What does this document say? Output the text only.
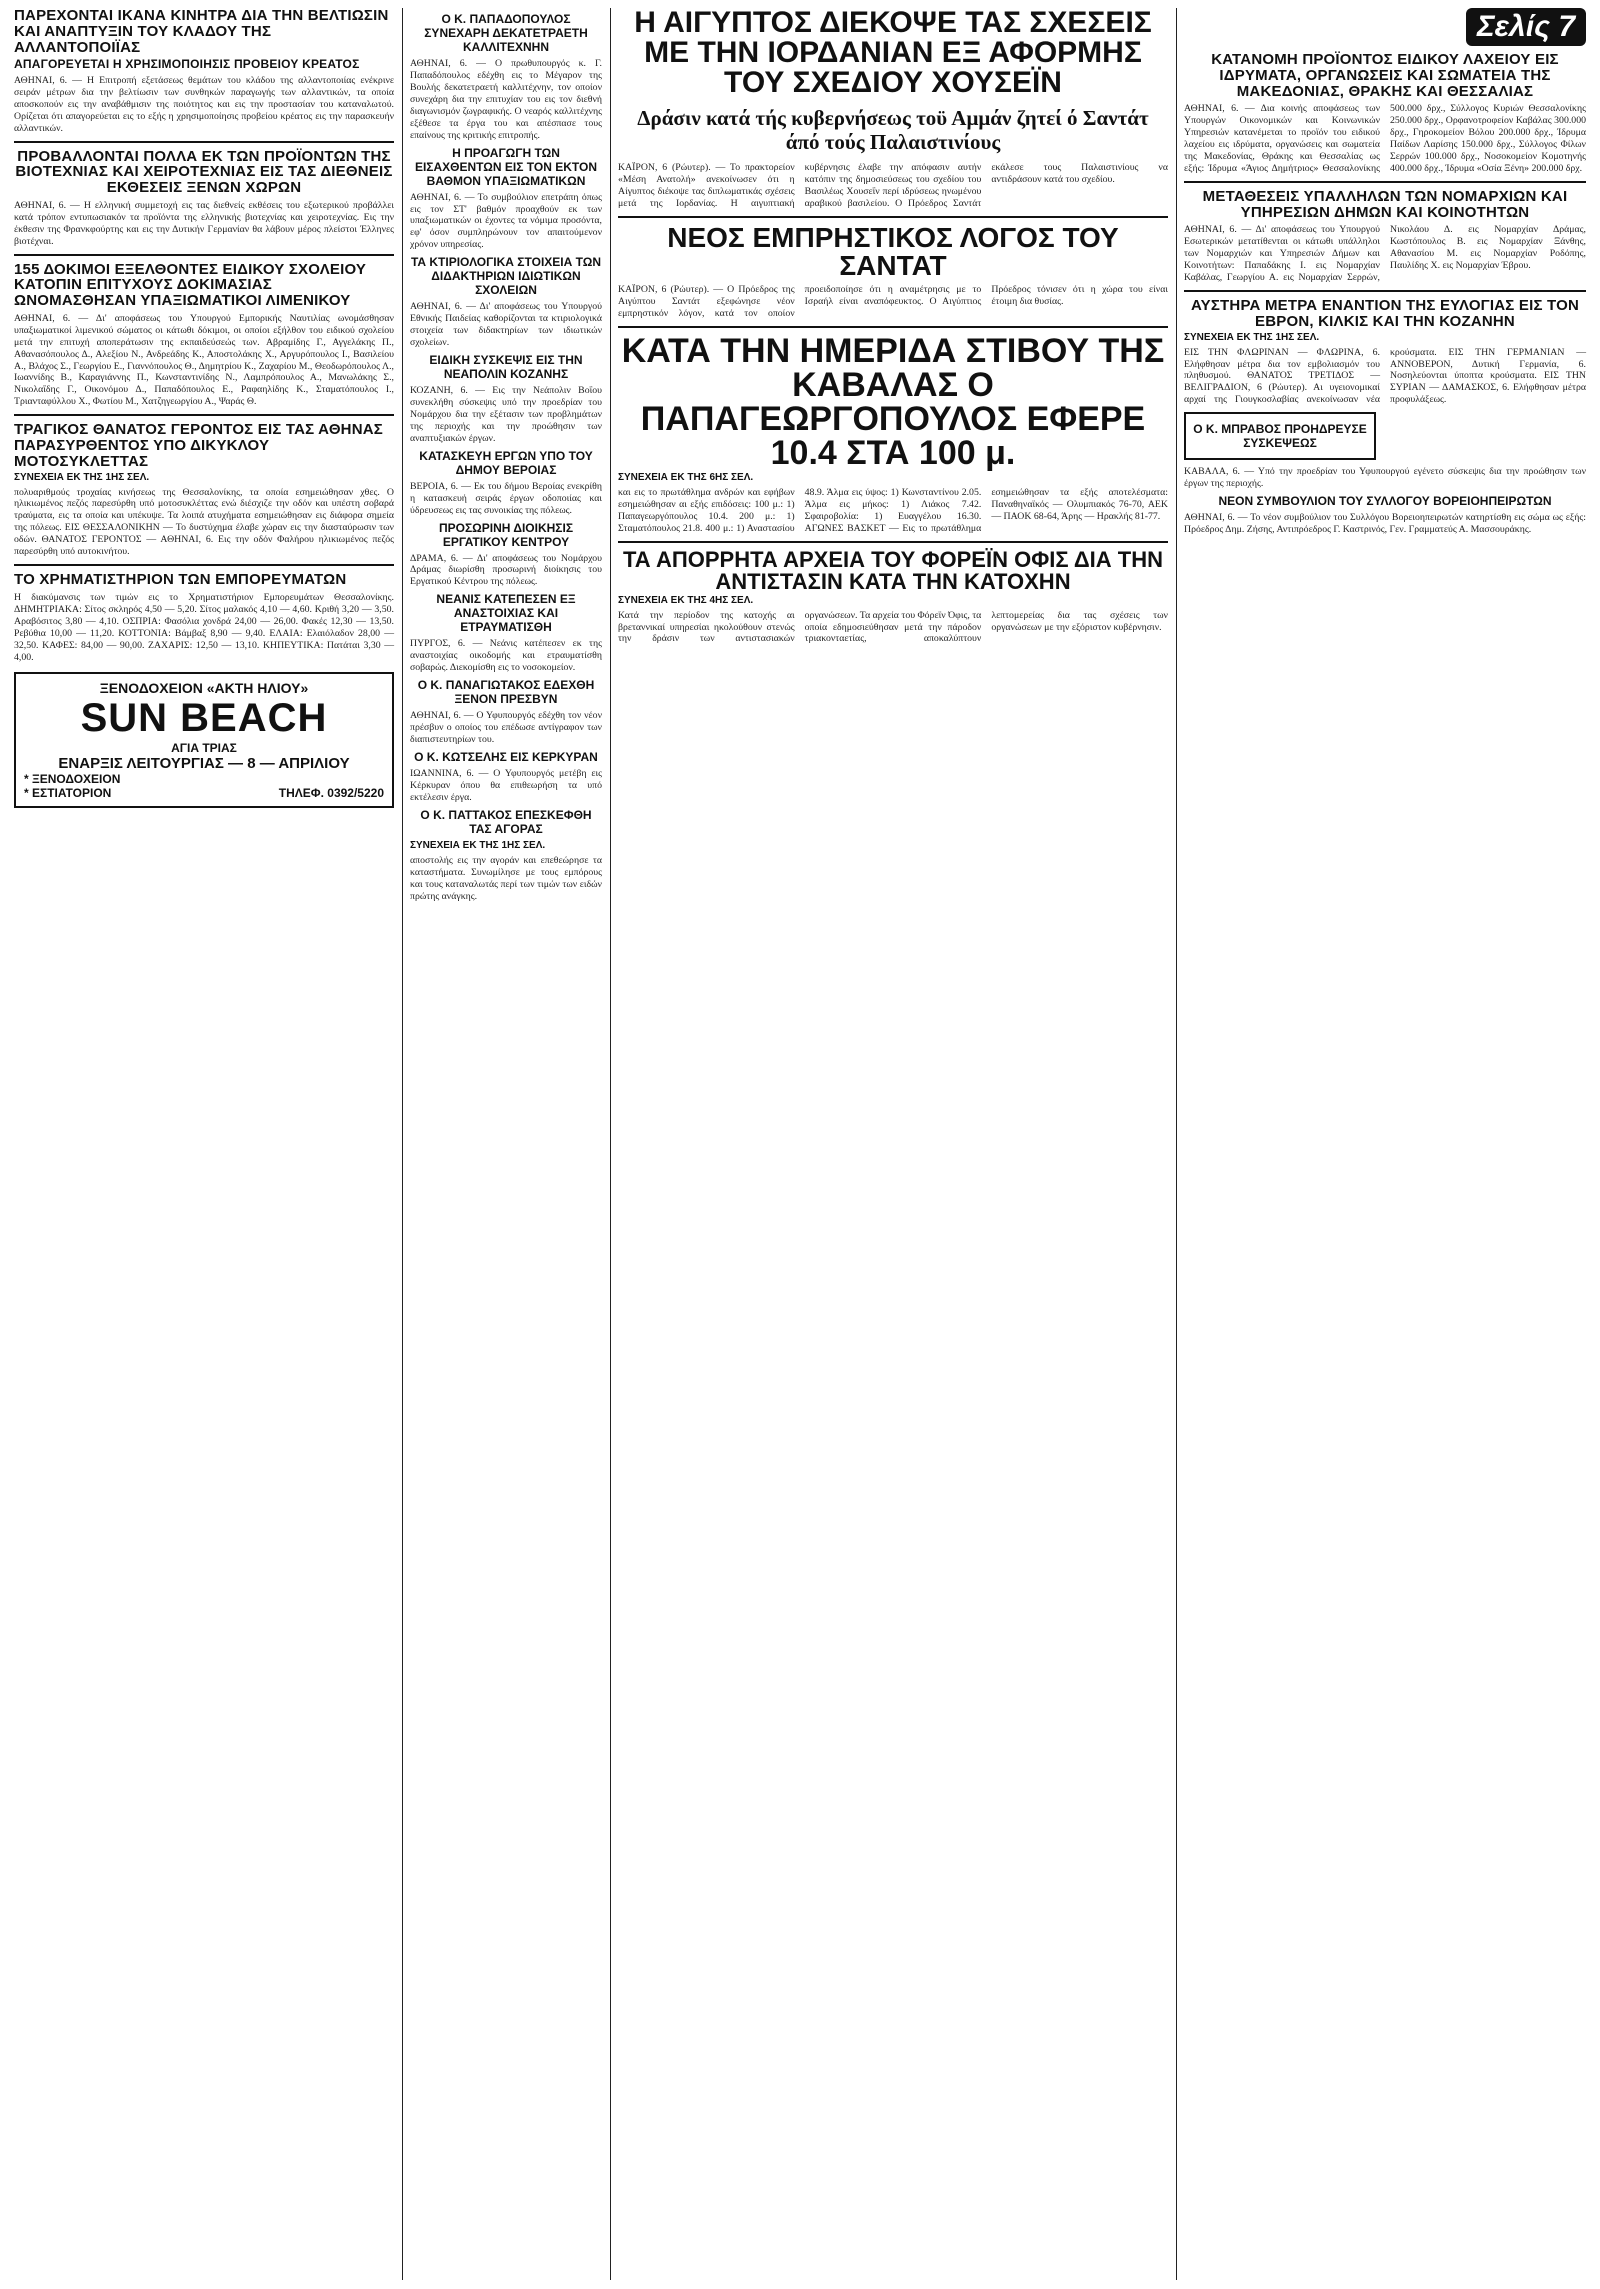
ΠΑΡΕΧΟΝΤΑΙ ΙΚΑΝΑ ΚΙΝΗΤΡΑ ΔΙΑ ΤΗΝ ΒΕΛΤΙΩΣΙΝ ΚΑΙ ΑΝΑΠΤΥΞΙΝ ΤΟΥ ΚΛΑΔΟΥ ΤΗΣ ΑΛΛΑΝΤΟΠΟΙΪΑΣ
ΑΠΑΓΟΡΕΥΕΤΑΙ Η ΧΡΗΣΙΜΟΠΟΙΗΣΙΣ ΠΡΟΒΕΙΟΥ ΚΡΕΑΤΟΣ
ΑΘΗΝΑΙ, 6. — Η Επιτροπή εξετάσεως θεμάτων του κλάδου της αλλαντοποιίας ενέκρινε σειράν μέτρων δια την βελτίωσιν των συνθηκών παραγωγής των αλλαντικών, τα οποία αποσκοπούν εις την αναβάθμισιν της ποιότητος και εις την προστασίαν του καταναλωτού. Ορίζεται ότι απαγορεύεται εις το εξής η χρησιμοποίησις προβείου κρέατος εις την παρασκευήν αλλαντικών.
ΠΡΟΒΑΛΛΟΝΤΑΙ ΠΟΛΛΑ ΕΚ ΤΩΝ ΠΡΟΪΟΝΤΩΝ ΤΗΣ ΒΙΟΤΕΧΝΙΑΣ ΚΑΙ ΧΕΙΡΟΤΕΧΝΙΑΣ ΕΙΣ ΤΑΣ ΔΙΕΘΝΕΙΣ ΕΚΘΕΣΕΙΣ ΞΕΝΩΝ ΧΩΡΩΝ
ΑΘΗΝΑΙ, 6. — Η ελληνική συμμετοχή εις τας διεθνείς εκθέσεις του εξωτερικού προβάλλει κατά τρόπον εντυπωσιακόν τα προϊόντα της ελληνικής βιοτεχνίας και χειροτεχνίας. Εις την έκθεσιν της Φρανκφούρτης και εις την Δυτικήν Γερμανίαν θα λάβουν μέρος πλείστοι Έλληνες βιοτέχναι.
155 ΔΟΚΙΜΟΙ ΕΞΕΛΘΟΝΤΕΣ ΕΙΔΙΚΟΥ ΣΧΟΛΕΙΟΥ ΚΑΤΟΠΙΝ ΕΠΙΤΥΧΟΥΣ ΔΟΚΙΜΑΣΙΑΣ ΩΝΟΜΑΣΘΗΣΑΝ ΥΠΑΞΙΩΜΑΤΙΚΟΙ ΛΙΜΕΝΙΚΟΥ
ΑΘΗΝΑΙ, 6. — Δι' αποφάσεως του Υπουργού Εμπορικής Ναυτιλίας ωνομάσθησαν υπαξιωματικοί λιμενικού σώματος οι κάτωθι δόκιμοι, οι οποίοι εξήλθον του ειδικού σχολείου μετά την επιτυχή αποπεράτωσιν της εκπαιδεύσεώς των. Αβραμίδης Γ., Αγγελάκης Π., Αθανασόπουλος Δ., Αλεξίου Ν., Ανδρεάδης Κ., Αποστολάκης Χ., Αργυρόπουλος Ι., Βασιλείου Α., Βλάχος Σ., Γεωργίου Ε., Γιαννόπουλος Θ., Δημητρίου Κ., Ζαχαρίου Μ., Θεοδωρόπουλος Λ., Ιωαννίδης Β., Καραγιάννης Π., Κωνσταντινίδης Ν., Λαμπρόπουλος Α., Μανωλάκης Σ., Νικολαΐδης Γ., Οικονόμου Δ., Παπαδόπουλος Ε., Ραφαηλίδης Κ., Σταματόπουλος Ι., Τριανταφύλλου Χ., Φωτίου Μ., Χατζηγεωργίου Α., Ψαράς Θ.
ΤΡΑΓΙΚΟΣ ΘΑΝΑΤΟΣ ΓΕΡΟΝΤΟΣ ΕΙΣ ΤΑΣ ΑΘΗΝΑΣ ΠΑΡΑΣΥΡΘΕΝΤΟΣ ΥΠΟ ΔΙΚΥΚΛΟΥ ΜΟΤΟΣΥΚΛΕΤΤΑΣ
ΣΥΝΕΧΕΙΑ ΕΚ ΤΗΣ 1ΗΣ ΣΕΛ.
πολυαριθμούς τροχαίας κινήσεως της Θεσσαλονίκης, τα οποία εσημειώθησαν χθες. Ο ηλικιωμένος πεζός παρεσύρθη υπό μοτοσυκλέττας ενώ διέσχιζε την οδόν και υπέστη σοβαρά τραύματα, εις τα οποία και υπέκυψε. Τα λοιπά ατυχήματα εσημειώθησαν εις διάφορα σημεία της πόλεως. ΕΙΣ ΘΕΣΣΑΛΟΝΙΚΗΝ — Το δυστύχημα έλαβε χώραν εις την διασταύρωσιν των οδών. ΘΑΝΑΤΟΣ ΓΕΡΟΝΤΟΣ — ΑΘΗΝΑΙ, 6. Εις την οδόν Φαλήρου ηλικιωμένος πεζός παρεσύρθη υπό αυτοκινήτου.
ΤΟ ΧΡΗΜΑΤΙΣΤΗΡΙΟΝ ΤΩΝ ΕΜΠΟΡΕΥΜΑΤΩΝ
Η διακύμανσις των τιμών εις το Χρηματιστήριον Εμπορευμάτων Θεσσαλονίκης. ΔΗΜΗΤΡΙΑΚΑ: Σίτος σκληρός 4,50 — 5,20. Σίτος μαλακός 4,10 — 4,60. Κριθή 3,20 — 3,50. Αραβόσιτος 3,80 — 4,10. ΟΣΠΡΙΑ: Φασόλια χονδρά 24,00 — 26,00. Φακές 12,30 — 13,50. Ρεβύθια 10,00 — 11,20. ΚΟΤΤΟΝΙΑ: Βάμβαξ 8,90 — 9,40. ΕΛΑΙΑ: Ελαιόλαδον 28,00 — 32,50. ΚΑΦΕΣ: 84,00 — 90,00. ΖΑΧΑΡΙΣ: 12,50 — 13,10. ΚΗΠΕΥΤΙΚΑ: Πατάται 3,30 — 4,00.
ΞΕΝΟΔΟΧΕΙΟΝ «ΑΚΤΗ ΗΛΙΟΥ»
SUN BEACH
ΑΓΙΑ ΤΡΙΑΣ
ΕΝΑΡΞΙΣ ΛΕΙΤΟΥΡΓΙΑΣ — 8 — ΑΠΡΙΛΙΟΥ
* ΞΕΝΟΔΟΧΕΙΟΝ
* ΕΣΤΙΑΤΟΡΙΟΝ	ΤΗΛΕΦ. 0392/5220
Ο Κ. ΠΑΠΑΔΟΠΟΥΛΟΣ ΣΥΝΕΧΑΡΗ ΔΕΚΑΤΕΤΡΑΕΤΗ ΚΑΛΛΙΤΕΧΝΗΝ
ΑΘΗΝΑΙ, 6. — Ο πρωθυπουργός κ. Γ. Παπαδόπουλος εδέχθη εις το Μέγαρον της Βουλής δεκατετραετή καλλιτέχνην, τον οποίον συνεχάρη δια την επιτυχίαν του εις τον διεθνή διαγωνισμόν ζωγραφικής. Ο νεαρός καλλιτέχνης εξέθεσε τα έργα του και απέσπασε τους επαίνους της κριτικής επιτροπής.
Η ΠΡΟΑΓΩΓΗ ΤΩΝ ΕΙΣΑΧΘΕΝΤΩΝ ΕΙΣ ΤΟΝ ΕΚΤΟΝ ΒΑΘΜΟΝ ΥΠΑΞΙΩΜΑΤΙΚΩΝ
ΑΘΗΝΑΙ, 6. — Το συμβούλιον επετράπη όπως εις τον ΣΤ' βαθμόν προαχθούν εκ των υπαξιωματικών οι έχοντες τα νόμιμα προσόντα, εφ' όσον συμπληρώνουν τον απαιτούμενον χρόνον υπηρεσίας.
ΤΑ ΚΤΙΡΙΟΛΟΓΙΚΑ ΣΤΟΙΧΕΙΑ ΤΩΝ ΔΙΔΑΚΤΗΡΙΩΝ ΙΔΙΩΤΙΚΩΝ ΣΧΟΛΕΙΩΝ
ΑΘΗΝΑΙ, 6. — Δι' αποφάσεως του Υπουργού Εθνικής Παιδείας καθορίζονται τα κτιριολογικά στοιχεία των διδακτηρίων των ιδιωτικών σχολείων.
ΕΙΔΙΚΗ ΣΥΣΚΕΨΙΣ ΕΙΣ ΤΗΝ ΝΕΑΠΟΛΙΝ ΚΟΖΑΝΗΣ
ΚΟΖΑΝΗ, 6. — Εις την Νεάπολιν Βοΐου συνεκλήθη σύσκεψις υπό την προεδρίαν του Νομάρχου δια την εξέτασιν των προβλημάτων της περιοχής και την προώθησιν των αναπτυξιακών έργων.
ΚΑΤΑΣΚΕΥΗ ΕΡΓΩΝ ΥΠΟ ΤΟΥ ΔΗΜΟΥ ΒΕΡΟΙΑΣ
ΒΕΡΟΙΑ, 6. — Εκ του δήμου Βεροίας ενεκρίθη η κατασκευή σειράς έργων οδοποιίας και ύδρευσεως εις τας συνοικίας της πόλεως.
ΠΡΟΣΩΡΙΝΗ ΔΙΟΙΚΗΣΙΣ ΕΡΓΑΤΙΚΟΥ ΚΕΝΤΡΟΥ
ΔΡΑΜΑ, 6. — Δι' αποφάσεως του Νομάρχου Δράμας διωρίσθη προσωρινή διοίκησις του Εργατικού Κέντρου της πόλεως.
ΝΕΑΝΙΣ ΚΑΤΕΠΕΣΕΝ ΕΞ ΑΝΑΣΤΟΙΧΙΑΣ ΚΑΙ ΕΤΡΑΥΜΑΤΙΣΘΗ
ΠΥΡΓΟΣ, 6. — Νεάνις κατέπεσεν εκ της αναστοιχίας οικοδομής και ετραυματίσθη σοβαρώς. Διεκομίσθη εις το νοσοκομείον.
Ο Κ. ΠΑΝΑΓΙΩΤΑΚΟΣ ΕΔΕΧΘΗ ΞΕΝΟΝ ΠΡΕΣΒΥΝ
ΑΘΗΝΑΙ, 6. — Ο Υφυπουργός εδέχθη τον νέον πρέσβυν ο οποίος του επέδωσε αντίγραφον των διαπιστευτηρίων του.
Ο Κ. ΚΩΤΣΕΛΗΣ ΕΙΣ ΚΕΡΚΥΡΑΝ
ΙΩΑΝΝΙΝΑ, 6. — Ο Υφυπουργός μετέβη εις Κέρκυραν όπου θα επιθεωρήση τα υπό εκτέλεσιν έργα.
Ο Κ. ΠΑΤΤΑΚΟΣ ΕΠΕΣΚΕΦΘΗ ΤΑΣ ΑΓΟΡΑΣ
ΣΥΝΕΧΕΙΑ ΕΚ ΤΗΣ 1ΗΣ ΣΕΛ.
αποστολής εις την αγοράν και επεθεώρησε τα καταστήματα. Συνωμίλησε με τους εμπόρους και τους καταναλωτάς περί των τιμών των ειδών πρώτης ανάγκης.
Η ΑΙΓΥΠΤΟΣ ΔΙΕΚΟΨΕ ΤΑΣ ΣΧΕΣΕΙΣ ΜΕ ΤΗΝ ΙΟΡΔΑΝΙΑΝ ΕΞ ΑΦΟΡΜΗΣ ΤΟΥ ΣΧΕΔΙΟΥ ΧΟΥΣΕΪΝ
Δράσιν κατά τής κυβερνήσεως τοϋ Αμμάν ζητεί ό Σαντάτ άπό τούς Παλαιστινίους
ΚΑΪΡΟΝ, 6 (Ρώυτερ). — Το πρακτορείον «Μέση Ανατολή» ανεκοίνωσεν ότι η Αίγυπτος διέκοψε τας διπλωματικάς σχέσεις μετά της Ιορδανίας. Η αιγυπτιακή κυβέρνησις έλαβε την απόφασιν αυτήν κατόπιν της δημοσιεύσεως του σχεδίου του Βασιλέως Χουσεΐν περί ιδρύσεως ηνωμένου αραβικού βασιλείου. Ο Πρόεδρος Σαντάτ εκάλεσε τους Παλαιστινίους να αντιδράσουν κατά του σχεδίου.
ΝΕΟΣ ΕΜΠΡΗΣΤΙΚΟΣ ΛΟΓΟΣ ΤΟΥ ΣΑΝΤΑΤ
ΚΑΪΡΟΝ, 6 (Ρώυτερ). — Ο Πρόεδρος της Αιγύπτου Σαντάτ εξεφώνησε νέον εμπρηστικόν λόγον, κατά τον οποίον προειδοποίησε ότι η αναμέτρησις με το Ισραήλ είναι αναπόφευκτος. Ο Αιγύπτιος Πρόεδρος τόνισεν ότι η χώρα του είναι έτοιμη δια θυσίας.
ΚΑΤΑ ΤΗΝ ΗΜΕΡΙΔΑ ΣΤΙΒΟΥ ΤΗΣ ΚΑΒΑΛΑΣ Ο ΠΑΠΑΓΕΩΡΓΟΠΟΥΛΟΣ ΕΦΕΡΕ 10.4 ΣΤΑ 100 μ.
ΣΥΝΕΧΕΙΑ ΕΚ ΤΗΣ 6ΗΣ ΣΕΛ.
και εις το πρωτάθλημα ανδρών και εφήβων εσημειώθησαν αι εξής επιδόσεις: 100 μ.: 1) Παπαγεωργόπουλος 10.4. 200 μ.: 1) Σταματόπουλος 21.8. 400 μ.: 1) Αναστασίου 48.9. Άλμα εις ύψος: 1) Κωνσταντίνου 2.05. Άλμα εις μήκος: 1) Λιάκος 7.42. Σφαιροβολία: 1) Ευαγγέλου 16.30. ΑΓΩΝΕΣ ΒΑΣΚΕΤ — Εις το πρωτάθλημα εσημειώθησαν τα εξής αποτελέσματα: Παναθηναϊκός — Ολυμπιακός 76-70, ΑΕΚ — ΠΑΟΚ 68-64, Άρης — Ηρακλής 81-77.
ΤΑ ΑΠΟΡΡΗΤΑ ΑΡΧΕΙΑ ΤΟΥ ΦΟΡΕΪΝ ΟΦΙΣ ΔΙΑ ΤΗΝ ΑΝΤΙΣΤΑΣΙΝ ΚΑΤΑ ΤΗΝ ΚΑΤΟΧΗΝ
ΣΥΝΕΧΕΙΑ ΕΚ ΤΗΣ 4ΗΣ ΣΕΛ.
Κατά την περίοδον της κατοχής αι βρεταννικαί υπηρεσίαι ηκολούθουν στενώς την δράσιν των αντιστασιακών οργανώσεων. Τα αρχεία του Φόρεϊν Όφις, τα οποία εδημοσιεύθησαν μετά την πάροδον τριακονταετίας, αποκαλύπτουν λεπτομερείας δια τας σχέσεις των οργανώσεων με την εξόριστον κυβέρνησιν.
Σελίς 7
ΚΑΤΑΝΟΜΗ ΠΡΟΪΟΝΤΟΣ ΕΙΔΙΚΟΥ ΛΑΧΕΙΟΥ ΕΙΣ ΙΔΡΥΜΑΤΑ, ΟΡΓΑΝΩΣΕΙΣ ΚΑΙ ΣΩΜΑΤΕΙΑ ΤΗΣ ΜΑΚΕΔΟΝΙΑΣ, ΘΡΑΚΗΣ ΚΑΙ ΘΕΣΣΑΛΙΑΣ
ΑΘΗΝΑΙ, 6. — Δια κοινής αποφάσεως των Υπουργών Οικονομικών και Κοινωνικών Υπηρεσιών κατανέμεται το προϊόν του ειδικού λαχείου εις ιδρύματα, οργανώσεις και σωματεία της Μακεδονίας, Θράκης και Θεσσαλίας ως εξής: Ίδρυμα «Άγιος Δημήτριος» Θεσσαλονίκης 500.000 δρχ., Σύλλογος Κυριών Θεσσαλονίκης 250.000 δρχ., Ορφανοτροφείον Καβάλας 300.000 δρχ., Γηροκομείον Βόλου 200.000 δρχ., Ίδρυμα Παίδων Λαρίσης 150.000 δρχ., Σύλλογος Φίλων Σερρών 100.000 δρχ., Νοσοκομείον Κομοτηνής 400.000 δρχ., Ίδρυμα «Οσία Ξένη» 200.000 δρχ.
ΜΕΤΑΘΕΣΕΙΣ ΥΠΑΛΛΗΛΩΝ ΤΩΝ ΝΟΜΑΡΧΙΩΝ ΚΑΙ ΥΠΗΡΕΣΙΩΝ ΔΗΜΩΝ ΚΑΙ ΚΟΙΝΟΤΗΤΩΝ
ΑΘΗΝΑΙ, 6. — Δι' αποφάσεως του Υπουργού Εσωτερικών μετατίθενται οι κάτωθι υπάλληλοι των Νομαρχιών και Υπηρεσιών Δήμων και Κοινοτήτων: Παπαδάκης Ι. εις Νομαρχίαν Καβάλας, Γεωργίου Α. εις Νομαρχίαν Σερρών, Νικολάου Δ. εις Νομαρχίαν Δράμας, Κωστόπουλος Β. εις Νομαρχίαν Ξάνθης, Αθανασίου Μ. εις Νομαρχίαν Ροδόπης, Παυλίδης Χ. εις Νομαρχίαν Έβρου.
ΑΥΣΤΗΡΑ ΜΕΤΡΑ ΕΝΑΝΤΙΟΝ ΤΗΣ ΕΥΛΟΓΙΑΣ ΕΙΣ ΤΟΝ ΕΒΡΟΝ, ΚΙΛΚΙΣ ΚΑΙ ΤΗΝ ΚΟΖΑΝΗΝ
ΣΥΝΕΧΕΙΑ ΕΚ ΤΗΣ 1ΗΣ ΣΕΛ.
ΕΙΣ ΤΗΝ ΦΛΩΡΙΝΑΝ — ΦΛΩΡΙΝΑ, 6. Ελήφθησαν μέτρα δια τον εμβολιασμόν του πληθυσμού. ΘΑΝΑΤΟΣ ΤΡΕΤΙΔΟΣ — ΒΕΛΙΓΡΑΔΙΟΝ, 6 (Ρώυτερ). Αι υγειονομικαί αρχαί της Γιουγκοσλαβίας ανεκοίνωσαν νέα κρούσματα. ΕΙΣ ΤΗΝ ΓΕΡΜΑΝΙΑΝ — ΑΝΝΟΒΕΡΟΝ, Δυτική Γερμανία, 6. Νοσηλεύονται ύποπτα κρούσματα. ΕΙΣ ΤΗΝ ΣΥΡΙΑΝ — ΔΑΜΑΣΚΟΣ, 6. Ελήφθησαν μέτρα προφυλάξεως.
Ο Κ. ΜΠΡΑΒΟΣ ΠΡΟΗΔΡΕΥΣΕ ΣΥΣΚΕΨΕΩΣ
ΚΑΒΑΛΑ, 6. — Υπό την προεδρίαν του Υφυπουργού εγένετο σύσκεψις δια την προώθησιν των έργων της περιοχής.
ΝΕΟΝ ΣΥΜΒΟΥΛΙΟΝ ΤΟΥ ΣΥΛΛΟΓΟΥ ΒΟΡΕΙΟΗΠΕΙΡΩΤΩΝ
ΑΘΗΝΑΙ, 6. — Το νέον συμβούλιον του Συλλόγου Βορειοηπειρωτών κατηρτίσθη εις σώμα ως εξής: Πρόεδρος Δημ. Ζήσης, Αντιπρόεδρος Γ. Καστρινός, Γεν. Γραμματεύς Α. Μασσουράκης.
